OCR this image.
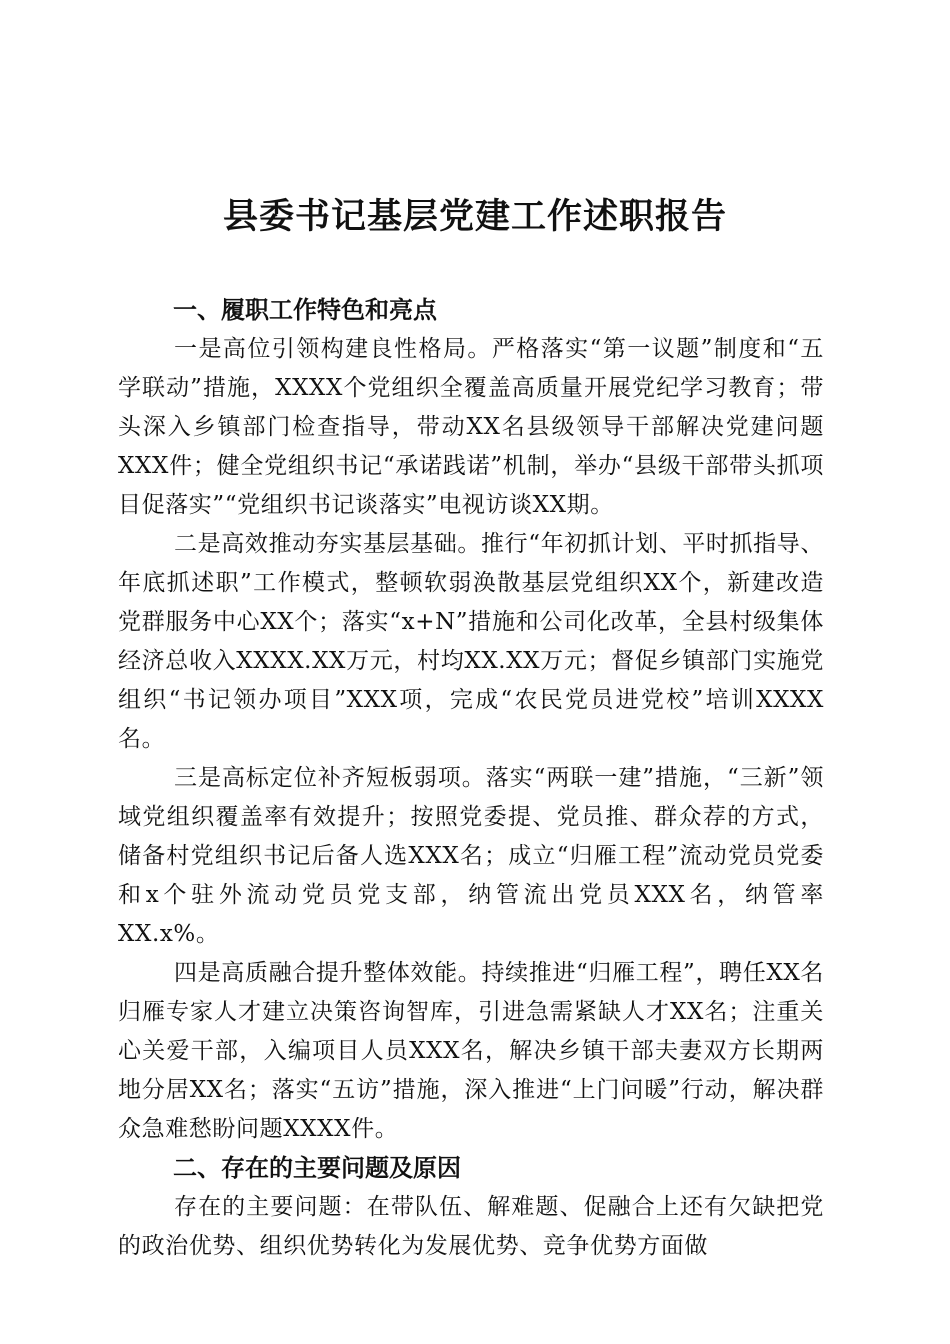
县委书记基层党建工作述职报告
一、履职工作特色和亮点

一是高位引领构建良性格局。严格落实“第一议题”制度和“五学联动”措施，XXXX个党组织全覆盖高质量开展党纪学习教育；带头深入乡镇部门检查指导，带动XX名县级领导干部解决党建问题XXX件；健全党组织书记“承诺践诺”机制，举办“县级干部带头抓项目促落实”“党组织书记谈落实”电视访谈XX期。

二是高效推动夯实基层基础。推行“年初抓计划、平时抓指导、年底抓述职”工作模式，整顿软弱涣散基层党组织XX个，新建改造党群服务中心XX个；落实“x+N”措施和公司化改革，全县村级集体经济总收入XXXX.XX万元，村均XX.XX万元；督促乡镇部门实施党组织“书记领办项目”XXX项，完成“农民党员进党校”培训XXXX名。

三是高标定位补齐短板弱项。落实“两联一建”措施，“三新”领域党组织覆盖率有效提升；按照党委提、党员推、群众荐的方式，储备村党组织书记后备人选XXX名；成立“归雁工程”流动党员党委和x个驻外流动党员党支部，纳管流出党员XXX名，纳管率XX.x%。

四是高质融合提升整体效能。持续推进“归雁工程”，聘任XX名归雁专家人才建立决策咨询智库，引进急需紧缺人才XX名；注重关心关爱干部，入编项目人员XXX名，解决乡镇干部夫妻双方长期两地分居XX名；落实“五访”措施，深入推进“上门问暖”行动，解决群众急难愁盼问题XXXX件。

二、存在的主要问题及原因

存在的主要问题：在带队伍、解难题、促融合上还有欠缺把党的政治优势、组织优势转化为发展优势、竞争优势方面做
